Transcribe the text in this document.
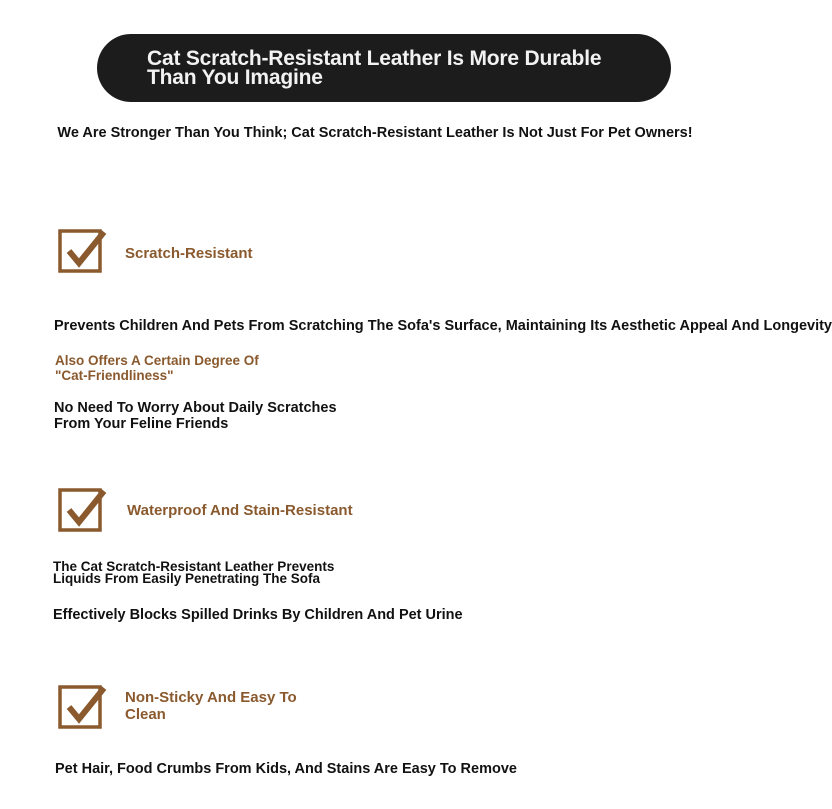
Cat Scratch-Resistant Leather Is More Durable Than You Imagine

We Are Stronger Than You Think; Cat Scratch-Resistant Leather Is Not Just For Pet Owners!

Scratch-Resistant

Prevents Children And Pets From Scratching The Sofa's Surface, Maintaining Its Aesthetic Appeal And Longevity

Also Offers A Certain Degree Of "Cat-Friendliness"

No Need To Worry About Daily Scratches From Your Feline Friends

Waterproof And Stain-Resistant

The Cat Scratch-Resistant Leather Prevents Liquids From Easily Penetrating The Sofa

Effectively Blocks Spilled Drinks By Children And Pet Urine

Non-Sticky And Easy To Clean

Pet Hair, Food Crumbs From Kids, And Stains Are Easy To Remove
